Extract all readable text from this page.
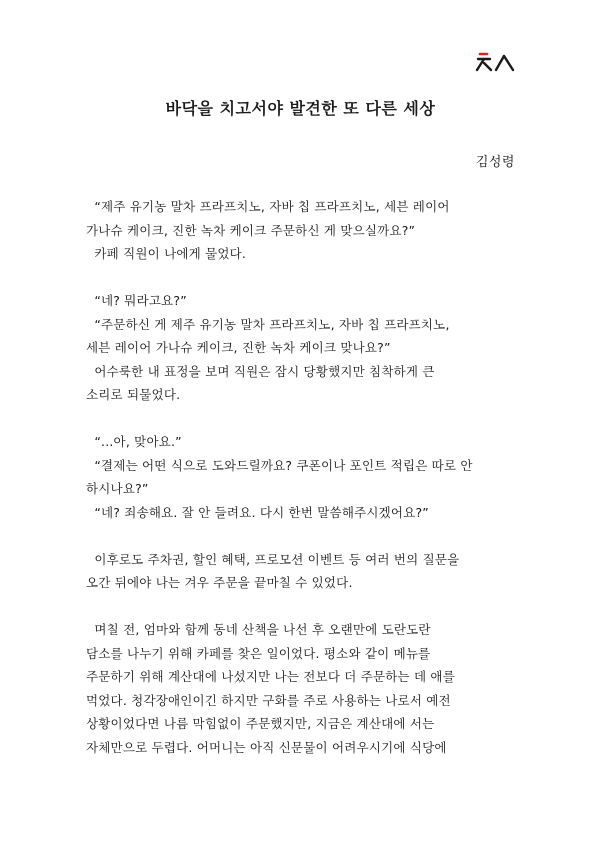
바닥을 치고서야 발견한 또 다른 세상
김성령
“제주 유기농 말차 프라프치노, 자바 칩 프라프치노, 세븐 레이어
가나슈 케이크, 진한 녹차 케이크 주문하신 게 맞으실까요?”
카페 직원이 나에게 물었다.
“네? 뭐라고요?”
“주문하신 게 제주 유기농 말차 프라프치노, 자바 칩 프라프치노,
세븐 레이어 가나슈 케이크, 진한 녹차 케이크 맞나요?”
어수룩한 내 표정을 보며 직원은 잠시 당황했지만 침착하게 큰
소리로 되물었다.
“...아, 맞아요.”
“결제는 어떤 식으로 도와드릴까요? 쿠폰이나 포인트 적립은 따로 안
하시나요?”
“네? 죄송해요. 잘 안 들려요. 다시 한번 말씀해주시겠어요?”
이후로도 주차권, 할인 혜택, 프로모션 이벤트 등 여러 번의 질문을
오간 뒤에야 나는 겨우 주문을 끝마칠 수 있었다.
며칠 전, 엄마와 함께 동네 산책을 나선 후 오랜만에 도란도란
담소를 나누기 위해 카페를 찾은 일이었다. 평소와 같이 메뉴를
주문하기 위해 계산대에 나섰지만 나는 전보다 더 주문하는 데 애를
먹었다. 청각장애인이긴 하지만 구화를 주로 사용하는 나로서 예전
상황이었다면 나름 막힘없이 주문했지만, 지금은 계산대에 서는
자체만으로 두렵다. 어머니는 아직 신문물이 어려우시기에 식당에
